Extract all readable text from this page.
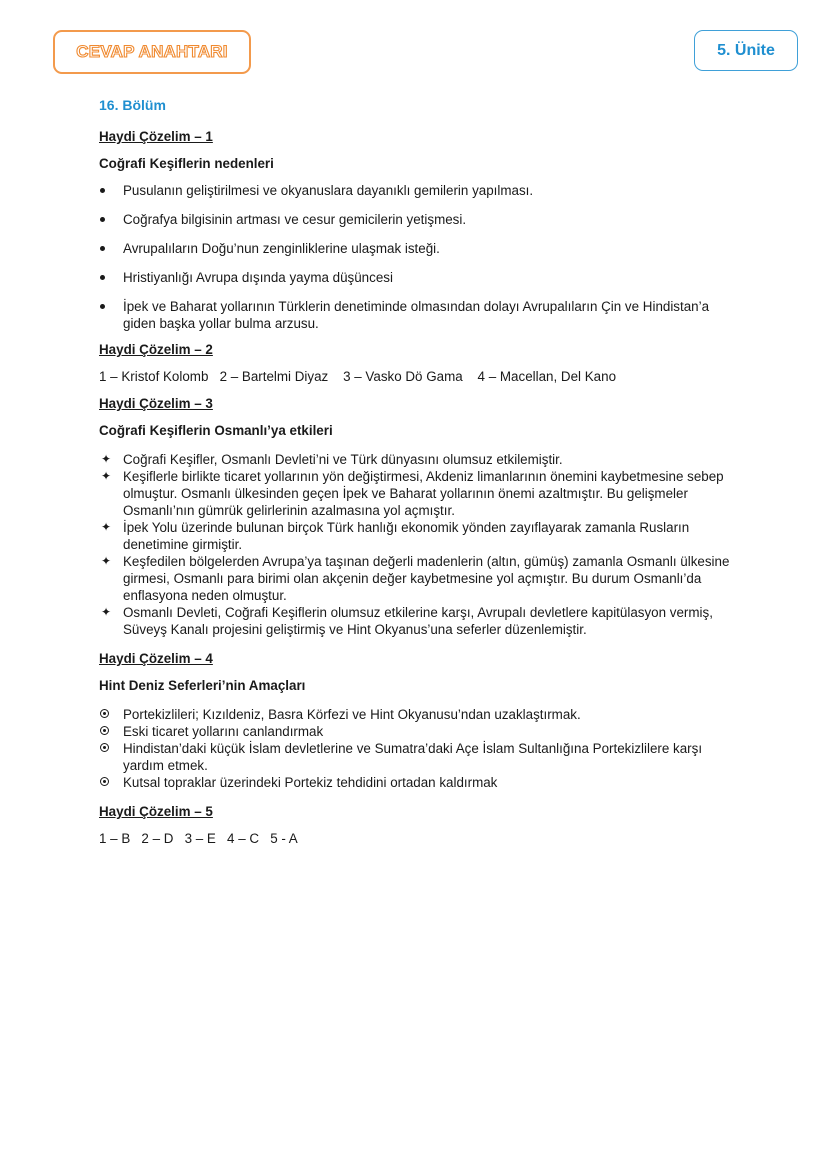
CEVAP ANAHTARI	5. Ünite
16. Bölüm
Haydi Çözelim – 1
Coğrafi Keşiflerin nedenleri
Pusulanın geliştirilmesi ve okyanuslara dayanıklı gemilerin yapılması.
Coğrafya bilgisinin artması ve cesur gemicilerin yetişmesi.
Avrupalıların Doğu’nun zenginliklerine ulaşmak isteği.
Hristiyanlığı Avrupa dışında yayma düşüncesi
İpek ve Baharat yollarının Türklerin denetiminde olmasından dolayı Avrupalıların Çin ve Hindistan’a giden başka yollar bulma arzusu.
Haydi Çözelim – 2
1 – Kristof Kolomb   2 – Bartelmi Diyaz    3 – Vasko Dö Gama    4 – Macellan, Del Kano
Haydi Çözelim – 3
Coğrafi Keşiflerin Osmanlı’ya etkileri
✦ Coğrafi Keşifler, Osmanlı Devleti’ni ve Türk dünyasını olumsuz etkilemiştir.
✦ Keşiflerle birlikte ticaret yollarının yön değiştirmesi, Akdeniz limanlarının önemini kaybetmesine sebep olmuştur. Osmanlı ülkesinden geçen İpek ve Baharat yollarının önemi azaltmıştır. Bu gelişmeler Osmanlı’nın gümrük gelirlerinin azalmasına yol açmıştır.
✦ İpek Yolu üzerinde bulunan birçok Türk hanlığı ekonomik yönden zayıflayarak zamanla Rusların denetimine girmiştir.
✦ Keşfedilen bölgelerden Avrupa’ya taşınan değerli madenlerin (altın, gümüş) zamanla Osmanlı ülkesine girmesi, Osmanlı para birimi olan akçenin değer kaybetmesine yol açmıştır. Bu durum Osmanlı’da enflasyona neden olmuştur.
✦ Osmanlı Devleti, Coğrafi Keşiflerin olumsuz etkilerine karşı, Avrupalı devletlere kapitülasyon vermiş, Süveyş Kanalı projesini geliştirmiş ve Hint Okyanus’una seferler düzenlemiştir.
Haydi Çözelim – 4
Hint Deniz Seferleri’nin Amaçları
Portekizlileri; Kızıldeniz, Basra Körfezi ve Hint Okyanusu’ndan uzaklaştırmak.
Eski ticaret yollarını canlandırmak
Hindistan’daki küçük İslam devletlerine ve Sumatra’daki Açe İslam Sultanlığına Portekizlilere karşı yardım etmek.
Kutsal topraklar üzerindeki Portekiz tehdidini ortadan kaldırmak
Haydi Çözelim – 5
1 – B   2 – D   3 – E   4 – C   5 - A
